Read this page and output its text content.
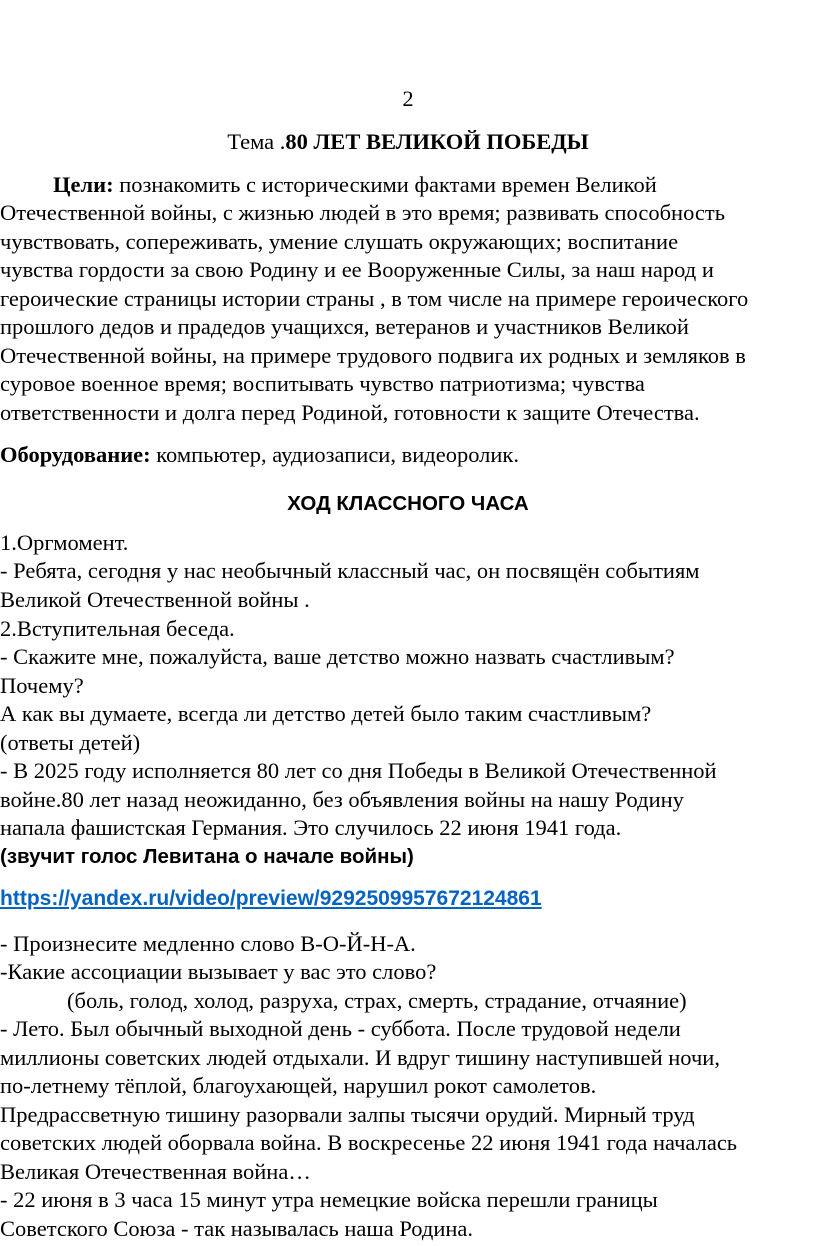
2

Тема .80 ЛЕТ ВЕЛИКОЙ ПОБЕДЫ

Цели: познакомить с историческими фактами времен Великой

Отечественной войны, с жизнью людей в это время; развивать способность

чувствовать, сопереживать, умение слушать окружающих; воспитание

чувства гордости за свою Родину и ее Вооруженные Силы, за наш народ и

героические страницы истории страны , в том числе на примере героического

прошлого дедов и прадедов учащихся, ветеранов и участников Великой

Отечественной войны, на примере трудового подвига их родных и земляков в

суровое военное время; воспитывать чувство патриотизма; чувства

ответственности и долга перед Родиной, готовности к защите Отечества.

Оборудование: компьютер, аудиозаписи, видеоролик.

ХОД КЛАССНОГО ЧАСА

1.Оргмомент.

- Ребята, сегодня у нас необычный классный час, он посвящён событиям

Великой Отечественной войны .

2.Вступительная беседа.

- Скажите мне, пожалуйста, ваше детство можно назвать счастливым?

Почему?

А как вы думаете, всегда ли детство детей было таким счастливым?

(ответы детей)

- В 2025 году исполняется 80 лет со дня Победы в Великой Отечественной

войне.80 лет назад неожиданно, без объявления войны на нашу Родину

напала фашистская Германия. Это случилось 22 июня 1941 года.

(звучит голос Левитана о начале войны)

https://yandex.ru/video/preview/9292509957672124861

- Произнесите медленно слово В-О-Й-Н-А.

-Какие ассоциации вызывает у вас это слово?

(боль, голод, холод, разруха, страх, смерть, страдание, отчаяние)

- Лето. Был обычный выходной день - суббота. После трудовой недели

миллионы советских людей отдыхали. И вдруг тишину наступившей ночи,

по-летнему тёплой, благоухающей, нарушил рокот самолетов.

Предрассветную тишину разорвали залпы тысячи орудий. Мирный труд

советских людей оборвала война. В воскресенье 22 июня 1941 года началась

Великая Отечественная война…

- 22 июня в 3 часа 15 минут утра немецкие войска перешли границы

Советского Союза - так называлась наша Родина.
